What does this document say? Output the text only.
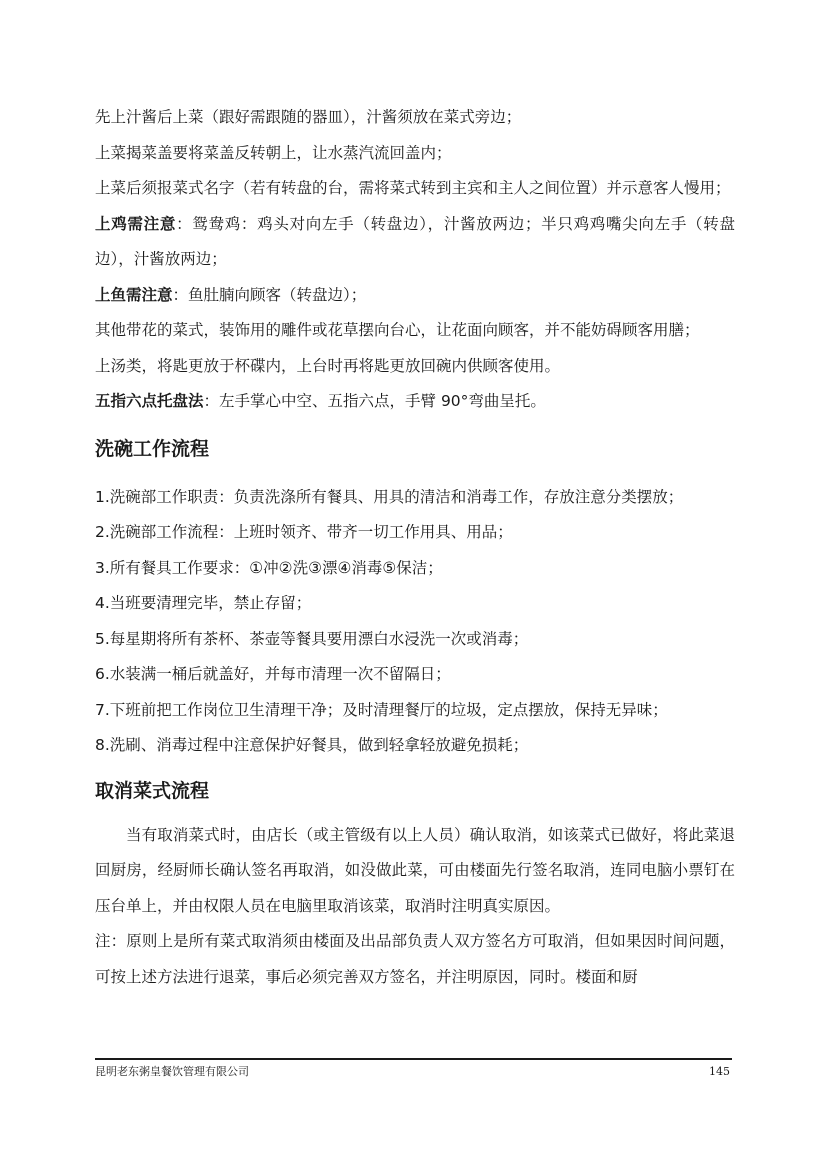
先上汁酱后上菜（跟好需跟随的器皿），汁酱须放在菜式旁边；

上菜揭菜盖要将菜盖反转朝上，让水蒸汽流回盖内；

上菜后须报菜式名字（若有转盘的台，需将菜式转到主宾和主人之间位置）并示意客人慢用；

上鸡需注意：鸳鸯鸡：鸡头对向左手（转盘边），汁酱放两边；半只鸡鸡嘴尖向左手（转盘边），汁酱放两边；

上鱼需注意：鱼肚腩向顾客（转盘边）；

其他带花的菜式，装饰用的雕件或花草摆向台心，让花面向顾客，并不能妨碍顾客用膳；

上汤类，将匙更放于杯碟内，上台时再将匙更放回碗内供顾客使用。

五指六点托盘法：左手掌心中空、五指六点，手臂 90°弯曲呈托。

洗碗工作流程

1.洗碗部工作职责：负责洗涤所有餐具、用具的清洁和消毒工作，存放注意分类摆放；

2.洗碗部工作流程：上班时领齐、带齐一切工作用具、用品；

3.所有餐具工作要求：①冲②洗③漂④消毒⑤保洁；

4.当班要清理完毕，禁止存留；

5.每星期将所有茶杯、茶壶等餐具要用漂白水浸洗一次或消毒；

6.水装满一桶后就盖好，并每市清理一次不留隔日；

7.下班前把工作岗位卫生清理干净；及时清理餐厅的垃圾，定点摆放，保持无异味；

8.洗刷、消毒过程中注意保护好餐具，做到轻拿轻放避免损耗；

取消菜式流程

当有取消菜式时，由店长（或主管级有以上人员）确认取消，如该菜式已做好，将此菜退回厨房，经厨师长确认签名再取消，如没做此菜，可由楼面先行签名取消，连同电脑小票钉在压台单上，并由权限人员在电脑里取消该菜，取消时注明真实原因。

注：原则上是所有菜式取消须由楼面及出品部负责人双方签名方可取消，但如果因时间问题，可按上述方法进行退菜，事后必须完善双方签名，并注明原因，同时。楼面和厨

昆明老东粥皇餐饮管理有限公司	145
